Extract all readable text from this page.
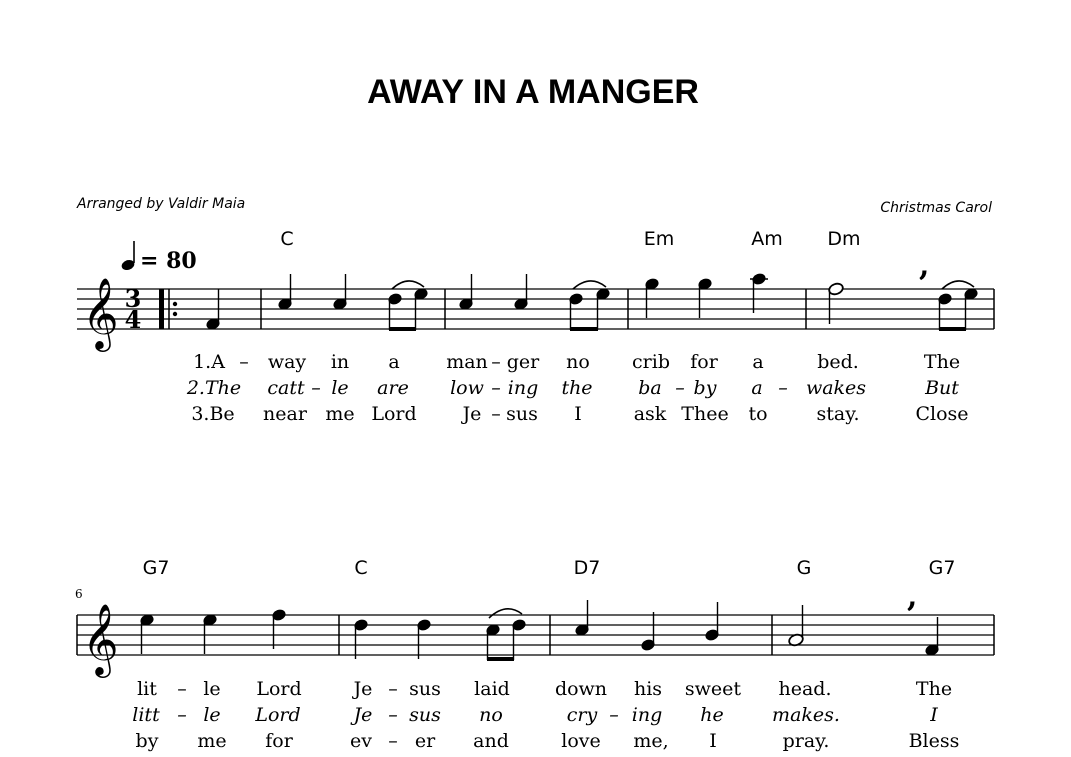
AWAY IN A MANGER
Arranged by Valdir Maia	Christmas Carol
= 80
𝄞 3
4
,
6
𝄞
,
C	Em	Am Dm
G7	C	D7	G	G7
1.A – way in a man – ger no crib for a	bed.	The
2.The catt – le are low – ing the ba – by a – wakes	But
3.Be near me Lord Je – sus I	ask Thee to	stay.	Close
lit – le Lord	Je – sus laid down his sweet head.	The
litt – le Lord	Je – sus no	cry – ing he	makes.	I
by me for	ev – er and	love me, I	pray.	Bless
